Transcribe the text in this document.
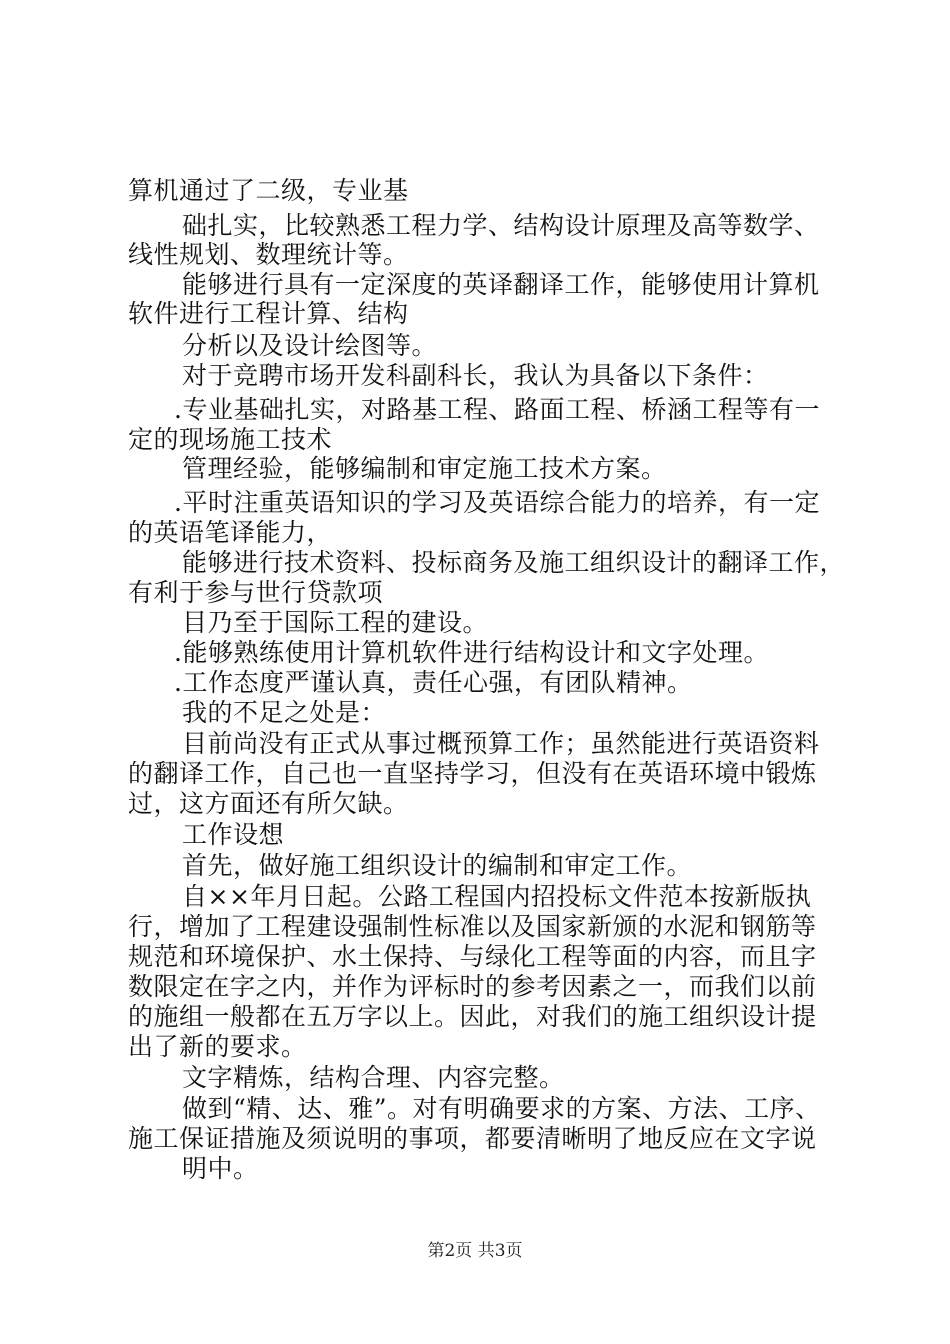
算机通过了二级，专业基
础扎实，比较熟悉工程力学、结构设计原理及高等数学、
线性规划、数理统计等。
能够进行具有一定深度的英译翻译工作，能够使用计算机
软件进行工程计算、结构
分析以及设计绘图等。
对于竞聘市场开发科副科长，我认为具备以下条件：
.专业基础扎实，对路基工程、路面工程、桥涵工程等有一
定的现场施工技术
管理经验，能够编制和审定施工技术方案。
.平时注重英语知识的学习及英语综合能力的培养，有一定
的英语笔译能力，
能够进行技术资料、投标商务及施工组织设计的翻译工作，
有利于参与世行贷款项
目乃至于国际工程的建设。
.能够熟练使用计算机软件进行结构设计和文字处理。
.工作态度严谨认真，责任心强，有团队精神。
我的不足之处是：
目前尚没有正式从事过概预算工作；虽然能进行英语资料
的翻译工作，自己也一直坚持学习，但没有在英语环境中锻炼
过，这方面还有所欠缺。
工作设想
首先，做好施工组织设计的编制和审定工作。
自××年月日起。公路工程国内招投标文件范本按新版执
行，增加了工程建设强制性标准以及国家新颁的水泥和钢筋等
规范和环境保护、水土保持、与绿化工程等面的内容，而且字
数限定在字之内，并作为评标时的参考因素之一，而我们以前
的施组一般都在五万字以上。因此，对我们的施工组织设计提
出了新的要求。
文字精炼，结构合理、内容完整。
做到“精、达、雅”。对有明确要求的方案、方法、工序、
施工保证措施及须说明的事项，都要清晰明了地反应在文字说
明中。
第2页 共3页
